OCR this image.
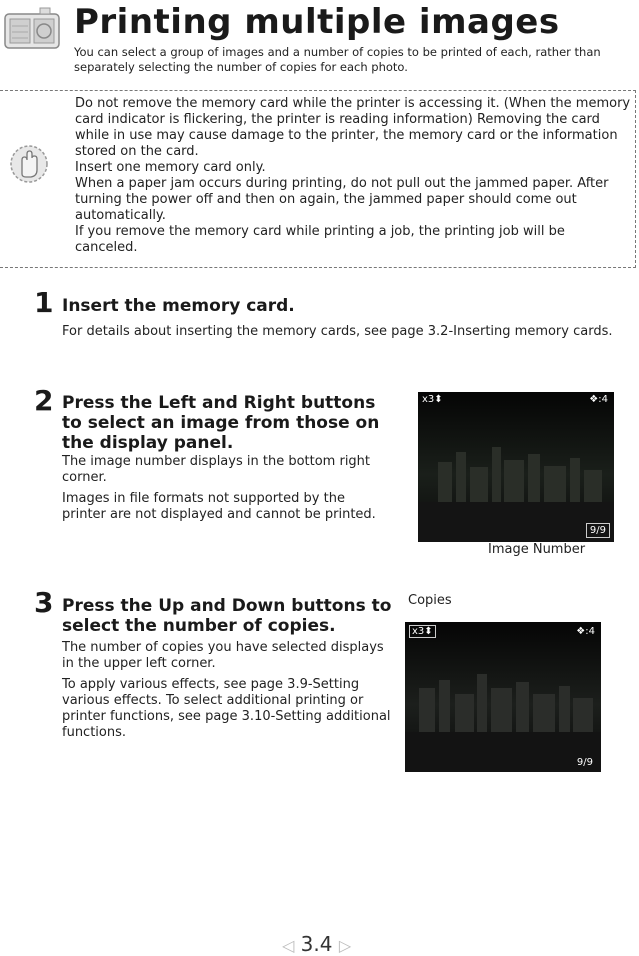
Printing multiple images
You can select a group of images and a number of copies to be printed of each, rather than separately selecting the number of copies for each photo.

Do not remove the memory card while the printer is accessing it. (When the memory card indicator is flickering, the printer is reading information) Removing the card while in use may cause damage to the printer, the memory card or the information stored on the card.

Insert one memory card only.

When a paper jam occurs during printing, do not pull out the jammed paper. After turning the power off and then on again, the jammed paper should come out automatically.

If you remove the memory card while printing a job, the printing job will be canceled.

1 Insert the memory card.

For details about inserting the memory cards, see page 3.2-Inserting memory cards.

2 Press the Left and Right buttons to select an image from those on the display panel.

The image number displays in the bottom right corner.

Images in file formats not supported by the printer are not displayed and cannot be printed.

x3⬍	❖:4
9/9
Image Number
3 Press the Up and Down buttons to select the number of copies.

The number of copies you have selected displays in the upper left corner.

To apply various effects, see page 3.9-Setting various effects. To select additional printing or printer functions, see page 3.10-Setting additional functions.

Copies
x3⬍	❖:4
9/9
◁ 3.4 ▷
